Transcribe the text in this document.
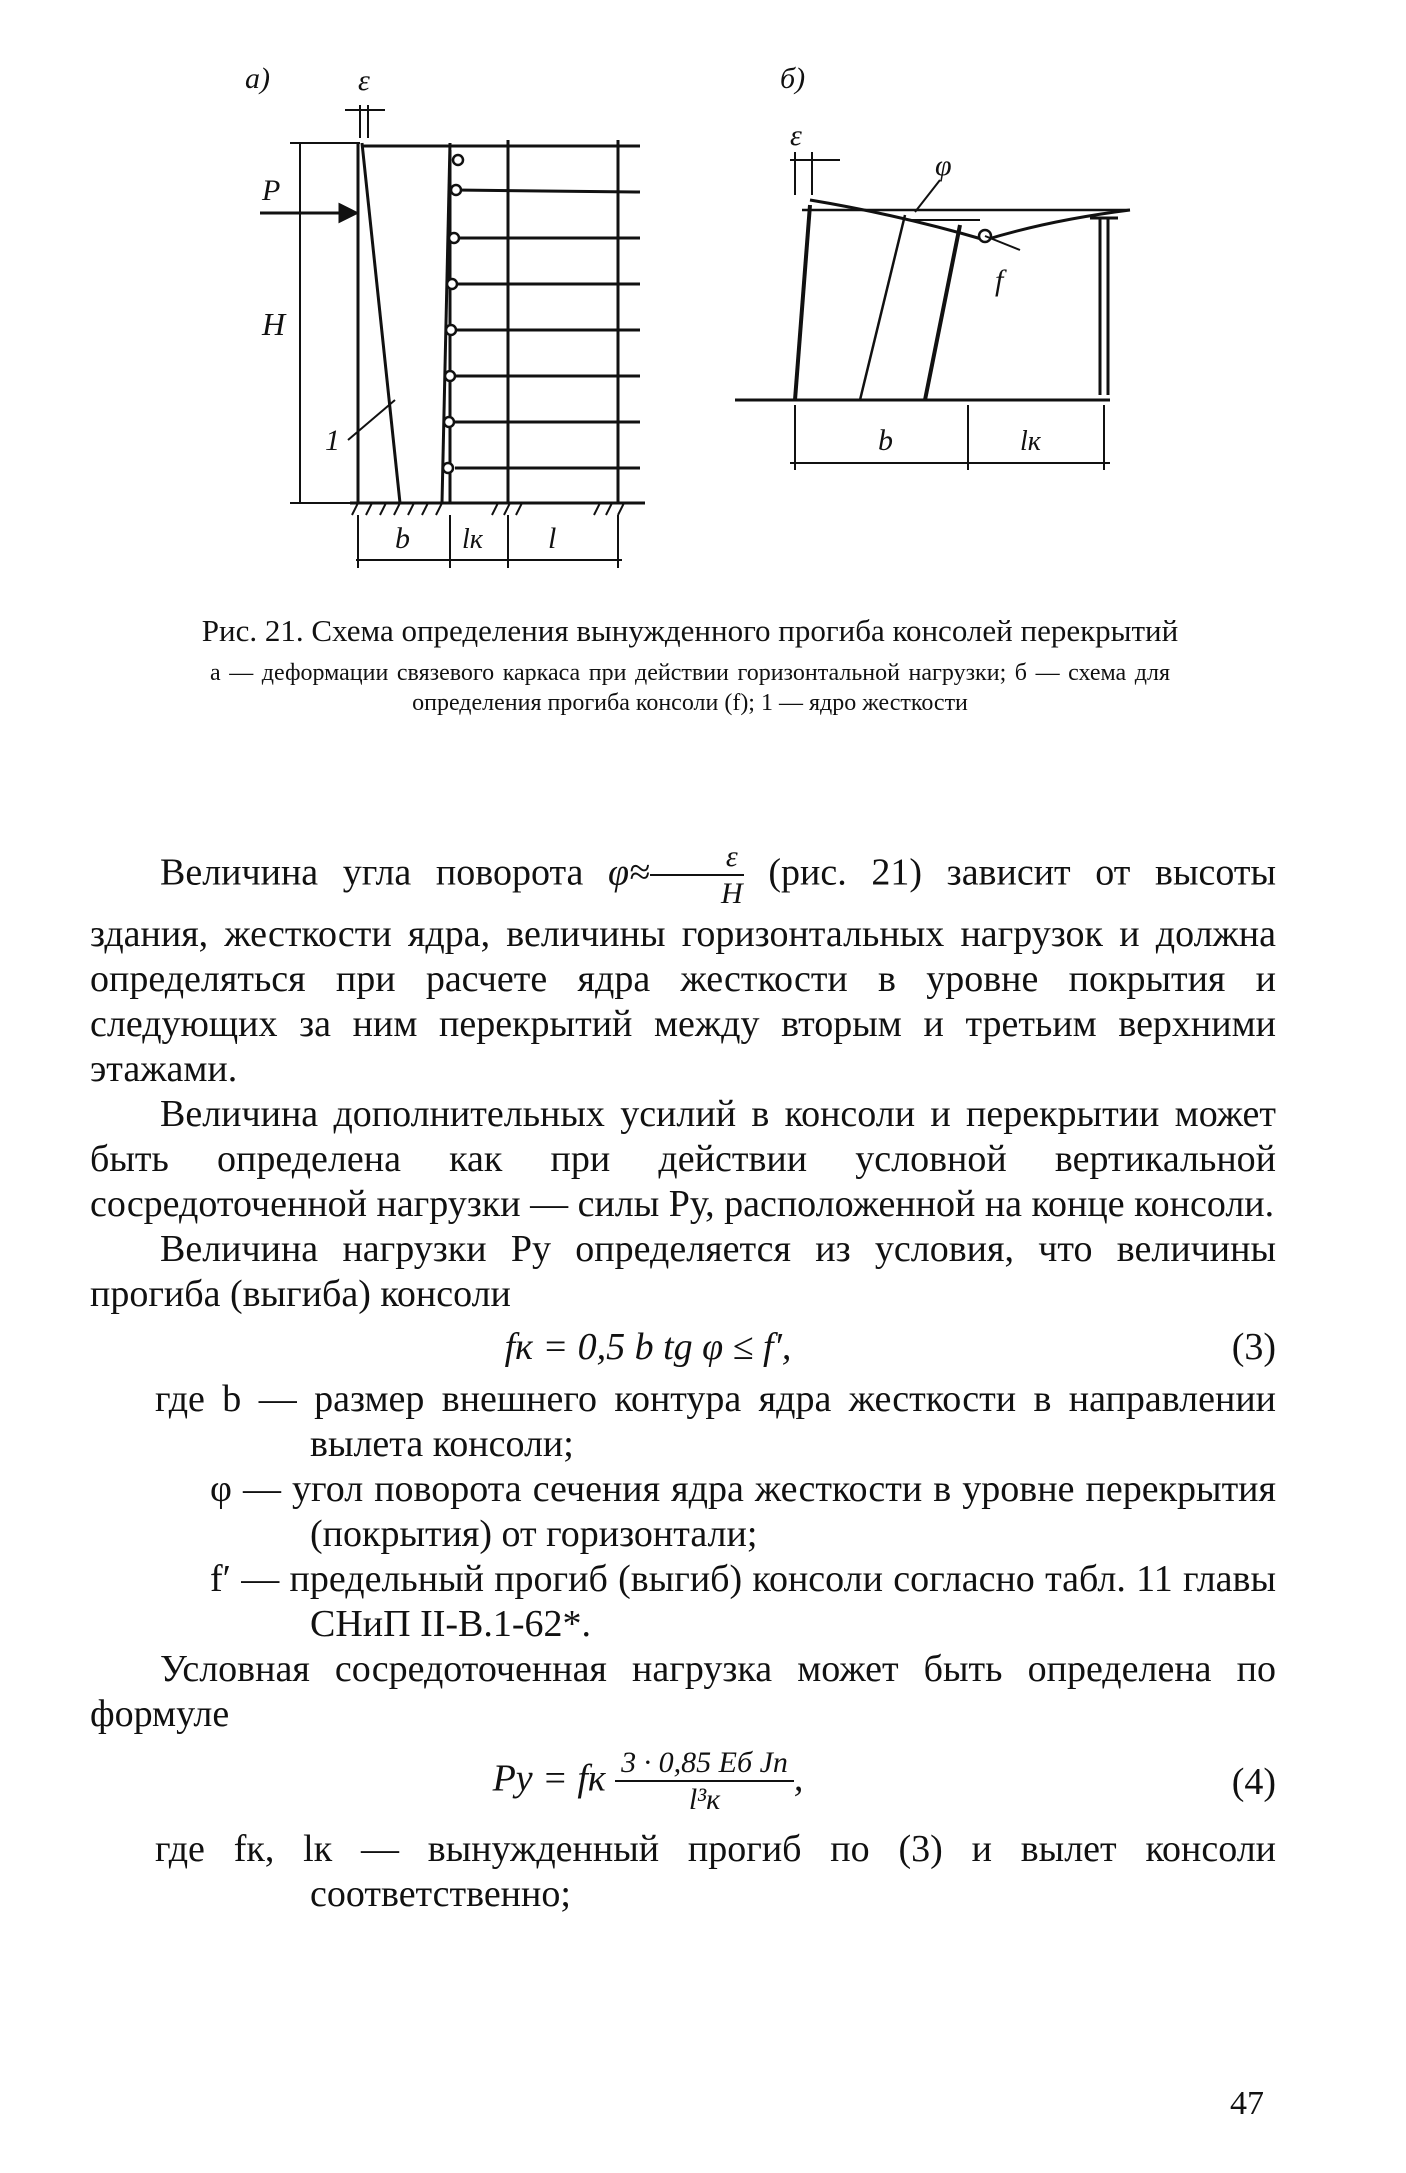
а)	б)
ε
P
H
1
b lк l
ε
φ
f
b	lк

Рис. 21. Схема определения вынужденного прогиба консолей перекрытий

а — деформации связевого каркаса при действии горизонтальной нагрузки; б — схема для определения прогиба консоли (f); 1 — ядро жесткости

Величина угла поворота $\varphi\approx \frac{\varepsilon}{H} (рис$. 21) зависит от высоты здания, жесткости ядра, величины горизонтальных нагрузок и должна определяться при расчете ядра жесткости в уровне покрытия и следующих за ним перекрытий между вторым и третьим верхними этажами.

Величина дополнительных усилий в консоли и перекрытии может быть определена как при действии условной вертикальной сосредоточенной нагрузки — силы Pу, расположенной на конце консоли.

Величина нагрузки Pу определяется из условия, что величины прогиба (выгиба) консоли

fк = 0,5 b tg φ ≤ f′,	(3)

где b — размер внешнего контура ядра жесткости в направлении вылета консоли;

φ — угол поворота сечения ядра жесткости в уровне перекрытия (покрытия) от горизонтали;

f′ — предельный прогиб (выгиб) консоли согласно табл. 11 главы СНиП II-В.1-62*.

Условная сосредоточенная нагрузка может быть определена по формуле

Pу = fк $\frac{\text{3 · 0,85 Eб Jп}}{\text{l³к}}$ ,	(4)

где fк, lк — вынужденный прогиб по (3) и вылет консоли соответственно;

47
